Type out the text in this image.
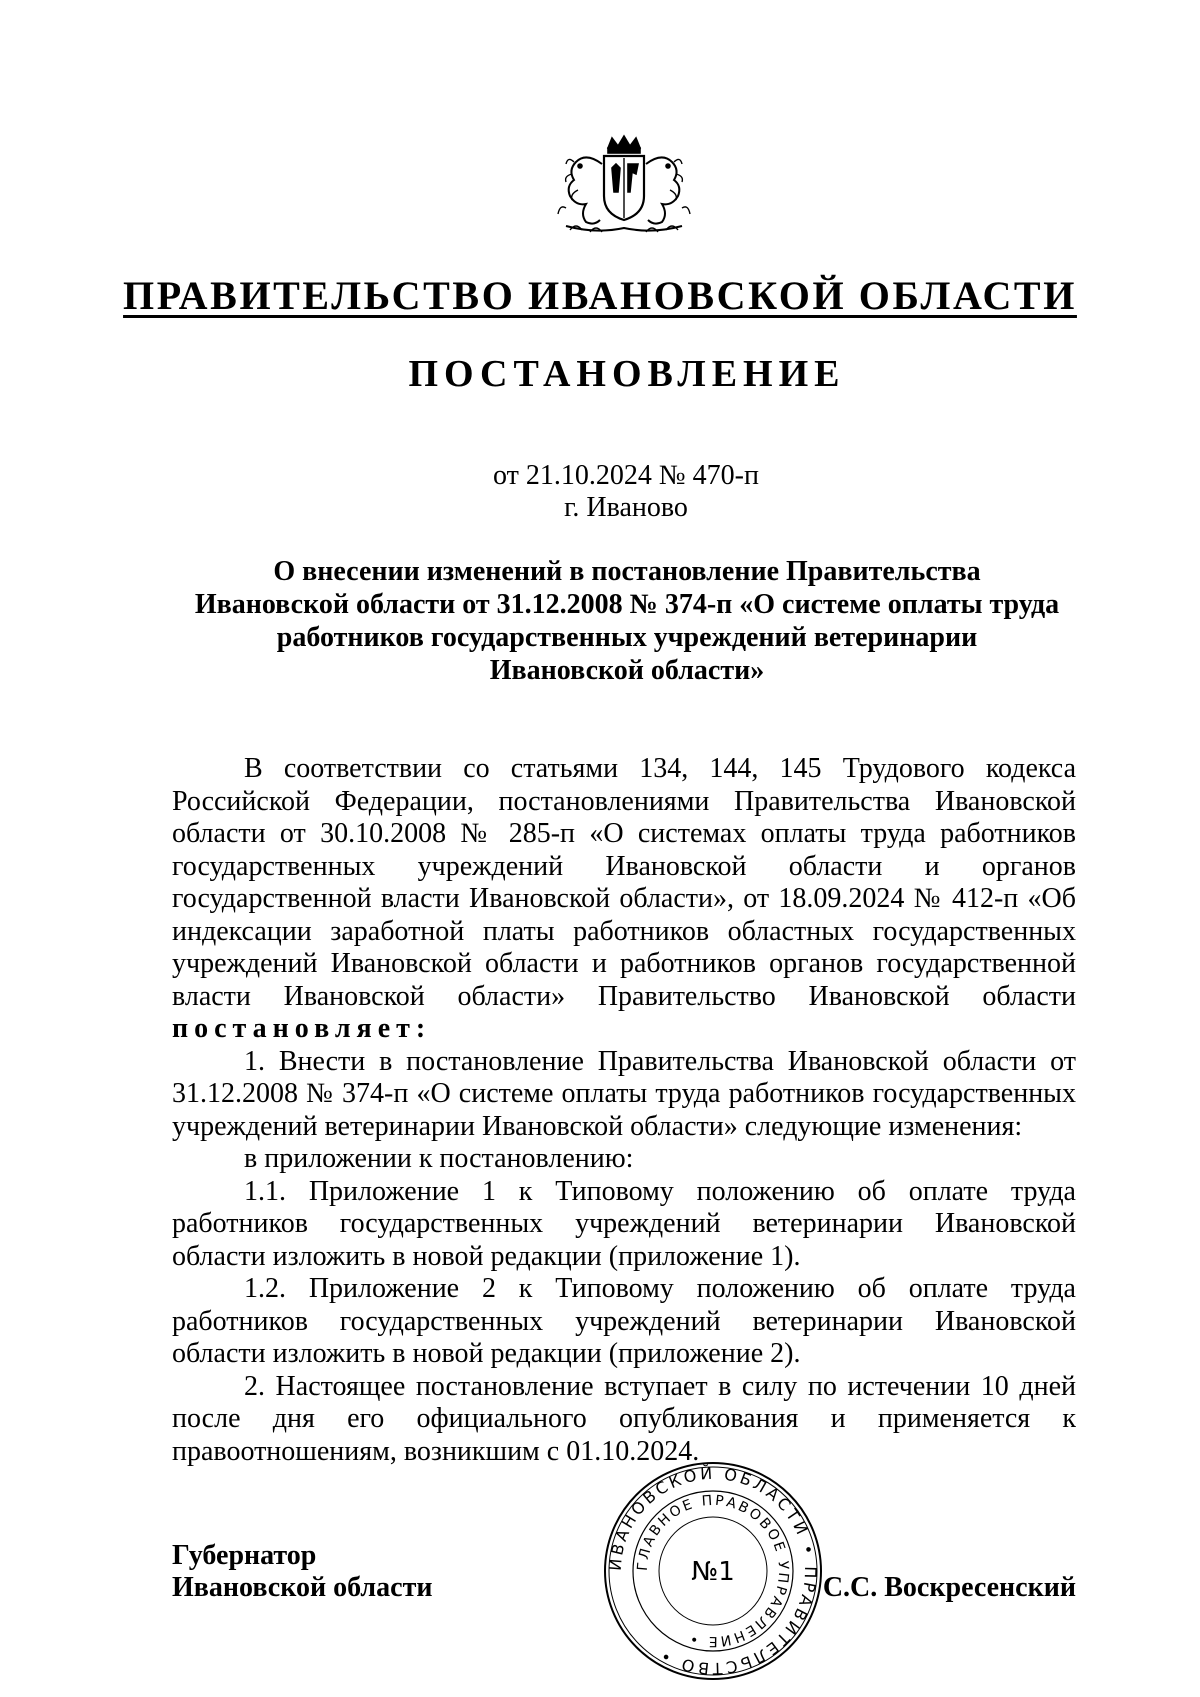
ПРАВИТЕЛЬСТВО ИВАНОВСКОЙ ОБЛАСТИ
ПОСТАНОВЛЕНИЕ
от 21.10.2024 № 470-п
г. Иваново
О внесении изменений в постановление Правительства
Ивановской области от 31.12.2008 № 374-п «О системе оплаты труда
работников государственных учреждений ветеринарии
Ивановской области»

В соответствии со статьями 134, 144, 145 Трудового кодекса Российской Федерации, постановлениями Правительства Ивановской области от 30.10.2008 № 285-п «О системах оплаты труда работников государственных учреждений Ивановской области и органов государственной власти Ивановской области», от 18.09.2024 № 412-п «Об индексации заработной платы работников областных государственных учреждений Ивановской области и работников органов государственной власти Ивановской области» Правительство Ивановской области постановляет:

1. Внести в постановление Правительства Ивановской области от 31.12.2008 № 374-п «О системе оплаты труда работников государственных учреждений ветеринарии Ивановской области» следующие изменения:

в приложении к постановлению:

1.1. Приложение 1 к Типовому положению об оплате труда работников государственных учреждений ветеринарии Ивановской области изложить в новой редакции (приложение 1).

1.2. Приложение 2 к Типовому положению об оплате труда работников государственных учреждений ветеринарии Ивановской области изложить в новой редакции (приложение 2).

2. Настоящее постановление вступает в силу по истечении 10 дней после дня его официального опубликования и применяется к правоотношениям, возникшим с 01.10.2024.

Губернатор
Ивановской области	С.С. Воскресенский
ИВАНОВСКОЙ ОБЛАСТИ • ПРАВИТЕЛЬСТВО •
ГЛАВНОЕ ПРАВОВОЕ УПРАВЛЕНИЕ •
№1
